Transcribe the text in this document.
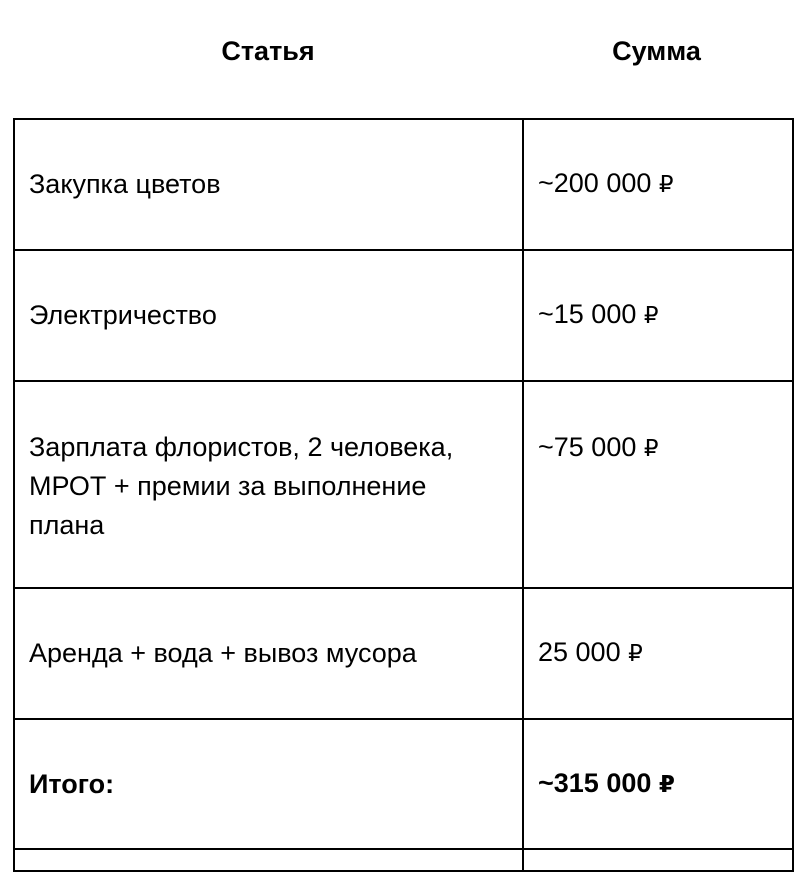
Статья	Сумма
Закупка цветов	~200 000 ₽
Электричество	~15 000 ₽
Зарплата флористов, 2 человека, МРОТ + премии за выполнение плана	~75 000 ₽
Аренда + вода + вывоз мусора	25 000 ₽
Итого:	~315 000 ₽
